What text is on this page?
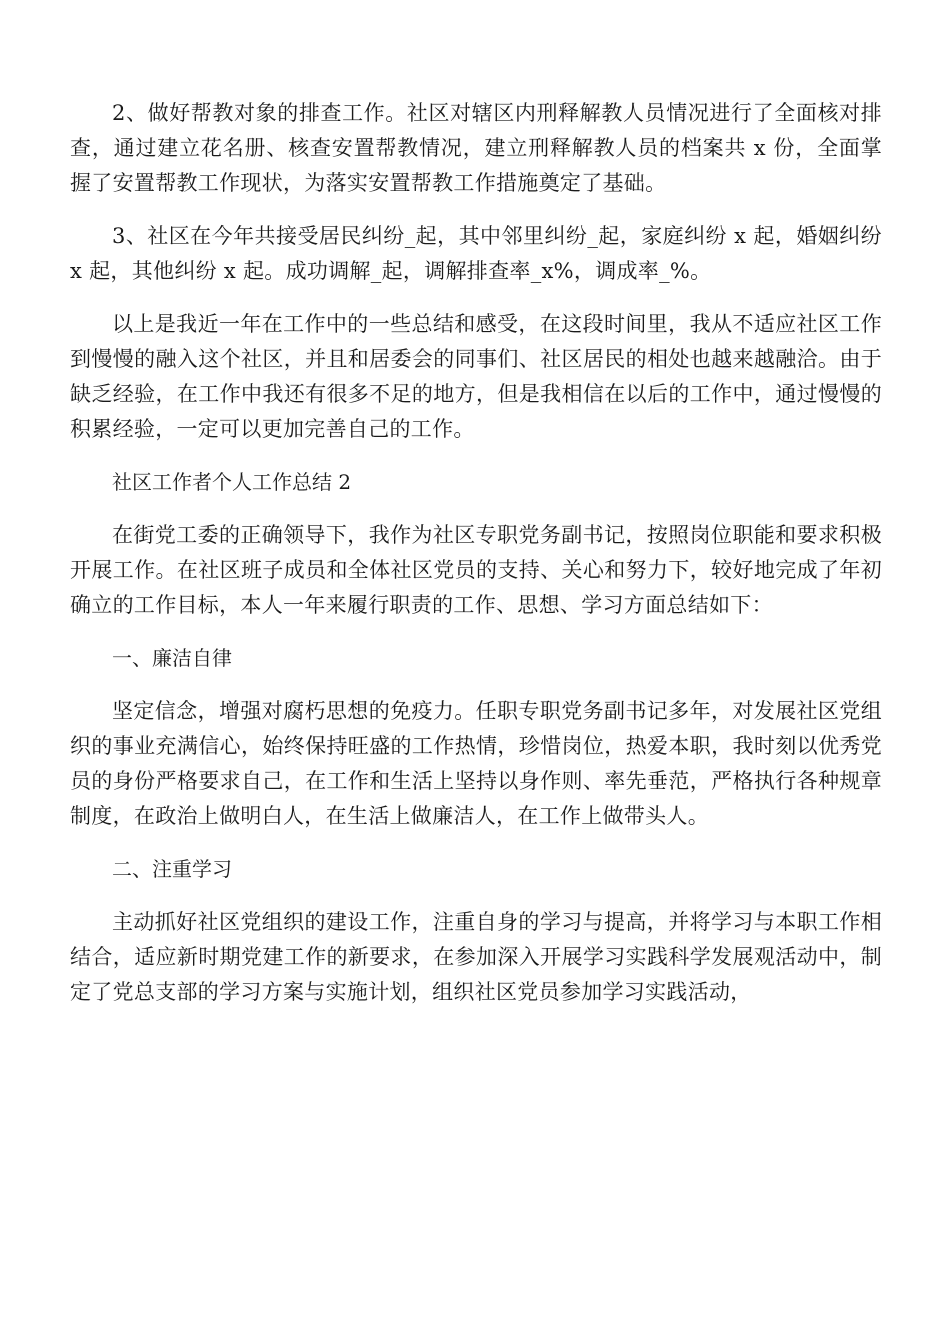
2、做好帮教对象的排查工作。社区对辖区内刑释解教人员情况进行了全面核对排查，通过建立花名册、核查安置帮教情况，建立刑释解教人员的档案共 x 份，全面掌握了安置帮教工作现状，为落实安置帮教工作措施奠定了基础。

3、社区在今年共接受居民纠纷_起，其中邻里纠纷_起，家庭纠纷 x 起，婚姻纠纷 x 起，其他纠纷 x 起。成功调解_起，调解排查率_x%，调成率_%。

以上是我近一年在工作中的一些总结和感受，在这段时间里，我从不适应社区工作到慢慢的融入这个社区，并且和居委会的同事们、社区居民的相处也越来越融洽。由于缺乏经验，在工作中我还有很多不足的地方，但是我相信在以后的工作中，通过慢慢的积累经验，一定可以更加完善自己的工作。

社区工作者个人工作总结 2

在街党工委的正确领导下，我作为社区专职党务副书记，按照岗位职能和要求积极开展工作。在社区班子成员和全体社区党员的支持、关心和努力下，较好地完成了年初确立的工作目标，本人一年来履行职责的工作、思想、学习方面总结如下：

一、廉洁自律

坚定信念，增强对腐朽思想的免疫力。任职专职党务副书记多年，对发展社区党组织的事业充满信心，始终保持旺盛的工作热情，珍惜岗位，热爱本职，我时刻以优秀党员的身份严格要求自己，在工作和生活上坚持以身作则、率先垂范，严格执行各种规章制度，在政治上做明白人，在生活上做廉洁人，在工作上做带头人。

二、注重学习

主动抓好社区党组织的建设工作，注重自身的学习与提高，并将学习与本职工作相结合，适应新时期党建工作的新要求，在参加深入开展学习实践科学发展观活动中，制定了党总支部的学习方案与实施计划，组织社区党员参加学习实践活动，
